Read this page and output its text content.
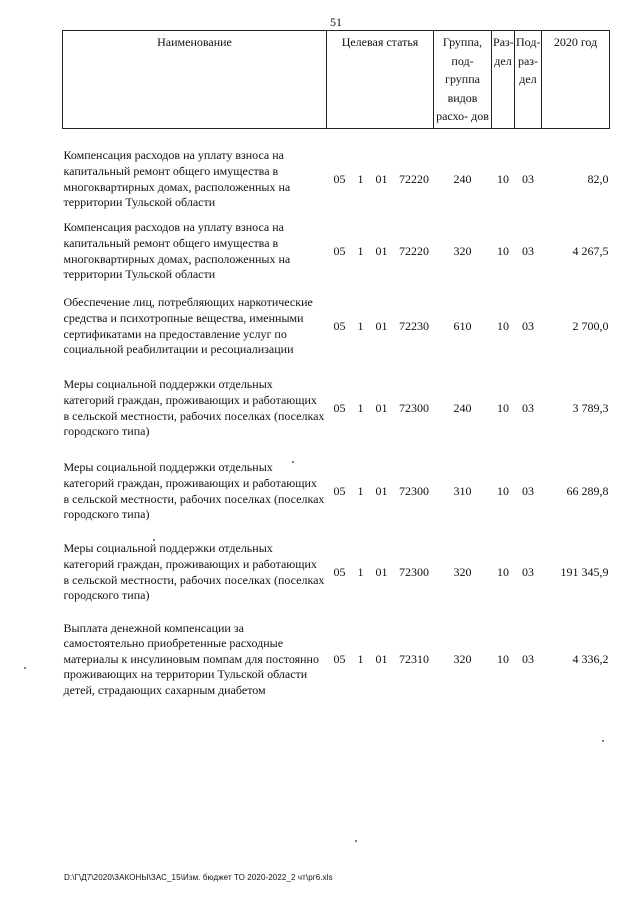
51
Наименование	Целевая статья				Группа, под- группа видов расхо- дов	Раз- дел	Под- раз- дел	2020 год

Компенсация расходов на уплату взноса на капитальный ремонт общего имущества в многоквартирных домах, расположенных на территории Тульской области	05	1	01	72220	240	10	03	82,0
Компенсация расходов на уплату взноса на капитальный ремонт общего имущества в многоквартирных домах, расположенных на территории Тульской области	05	1	01	72220	320	10	03	4 267,5
Обеспечение лиц, потребляющих наркотические средства и психотропные вещества, именными сертификатами на предоставление услуг по социальной реабилитации и ресоциализации	05	1	01	72230	610	10	03	2 700,0
Меры социальной поддержки отдельных категорий граждан, проживающих и работающих в сельской местности, рабочих поселках (поселках городского типа)	05	1	01	72300	240	10	03	3 789,3
Меры социальной поддержки отдельных категорий граждан, проживающих и работающих в сельской местности, рабочих поселках (поселках городского типа)	05	1	01	72300	310	10	03	66 289,8
Меры социальной поддержки отдельных категорий граждан, проживающих и работающих в сельской местности, рабочих поселках (поселках городского типа)	05	1	01	72300	320	10	03	191 345,9
Выплата денежной компенсации за самостоятельно приобретенные расходные материалы к инсулиновым помпам для постоянно проживающих на территории Тульской области детей, страдающих сахарным диабетом	05	1	01	72310	320	10	03	4 336,2
D:\Г\Д7\2020\ЗАКОНЫ\ЗАС_15\Изм. бюджет ТО 2020-2022_2 чт\рг6.xls
